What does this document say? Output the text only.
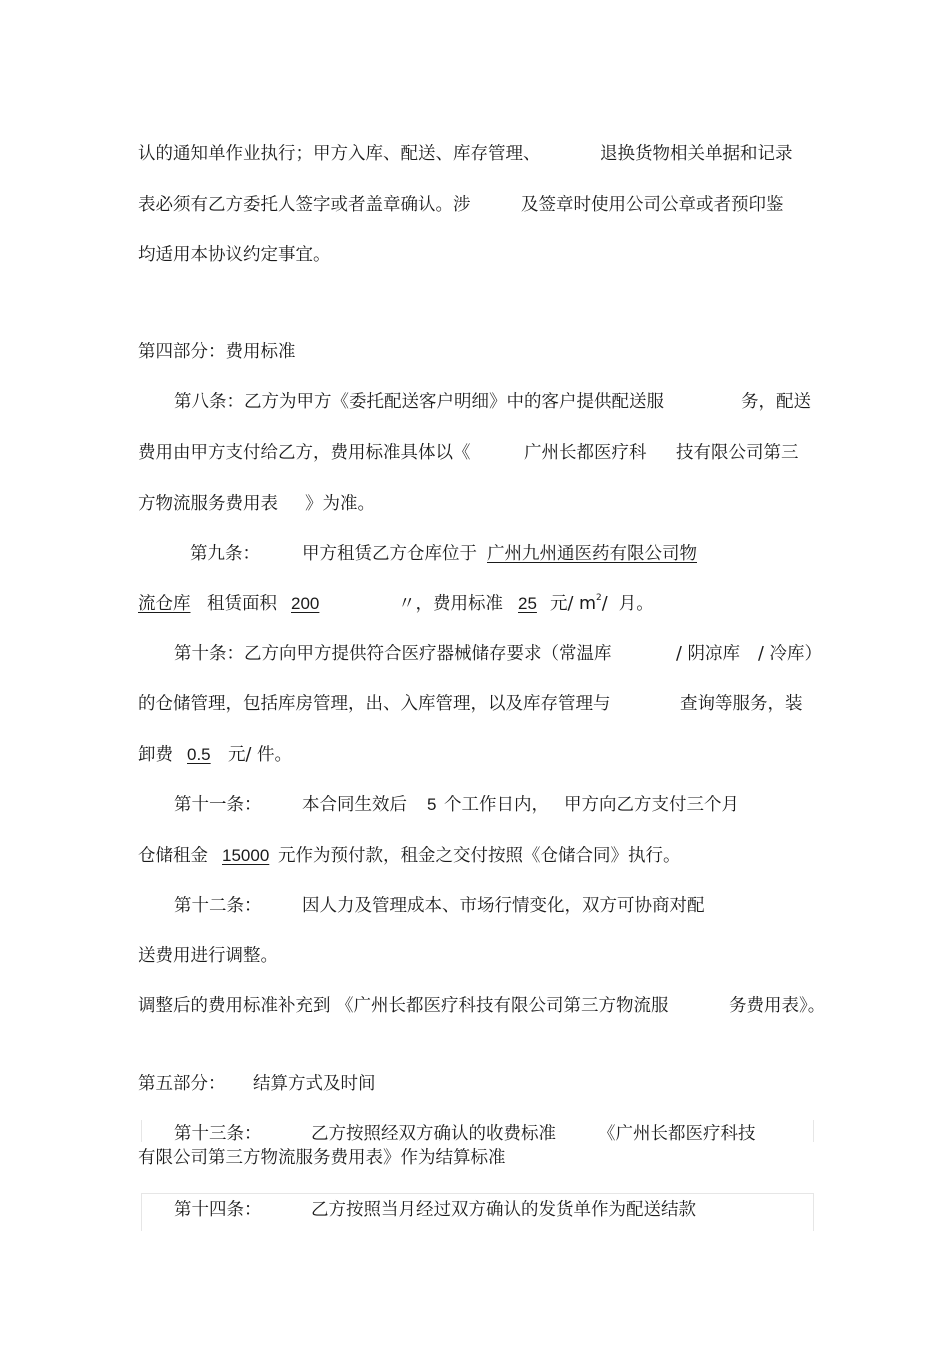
认的通知单作业执行；甲方入库、配送、库存管理、	退换货物相关单据和记录
表必须有乙方委托人签字或者盖章确认。涉	及签章时使用公司公章或者预印鉴
均适用本协议约定事宜。
第四部分：费用标准
第八条：乙方为甲方《委托配送客户明细》中的客户提供配送服	务，配送
费用由甲方支付给乙方，费用标准具体以《	广州长都医疗科 技有限公司第三
方物流服务费用表 》为准。
第九条： 甲方租赁乙方仓库位于 广州九州通医药有限公司物
流仓库 租赁面积 200	〃，费用标准 25 元/ m$^2$/  月。
第十条：乙方向甲方提供符合医疗器械储存要求（常温库	/ 阴凉库 / 冷库）
的仓储管理，包括库房管理，出、入库管理，以及库存管理与	查询等服务，装
卸费 0.5 元/ 件。
第十一条： 本合同生效后 5 个工作日内， 甲方向乙方支付三个月
仓储租金 15000 元作为预付款，租金之交付按照《仓储合同》执行。
第十二条： 因人力及管理成本、市场行情变化，双方可协商对配
送费用进行调整。
调整后的费用标准补充到 《广州长都医疗科技有限公司第三方物流服	务费用表》。
第五部分： 结算方式及时间
第十三条：	乙方按照经双方确认的收费标准 《广州长都医疗科技
有限公司第三方物流服务费用表》作为结算标准
第十四条：	乙方按照当月经过双方确认的发货单作为配送结款
